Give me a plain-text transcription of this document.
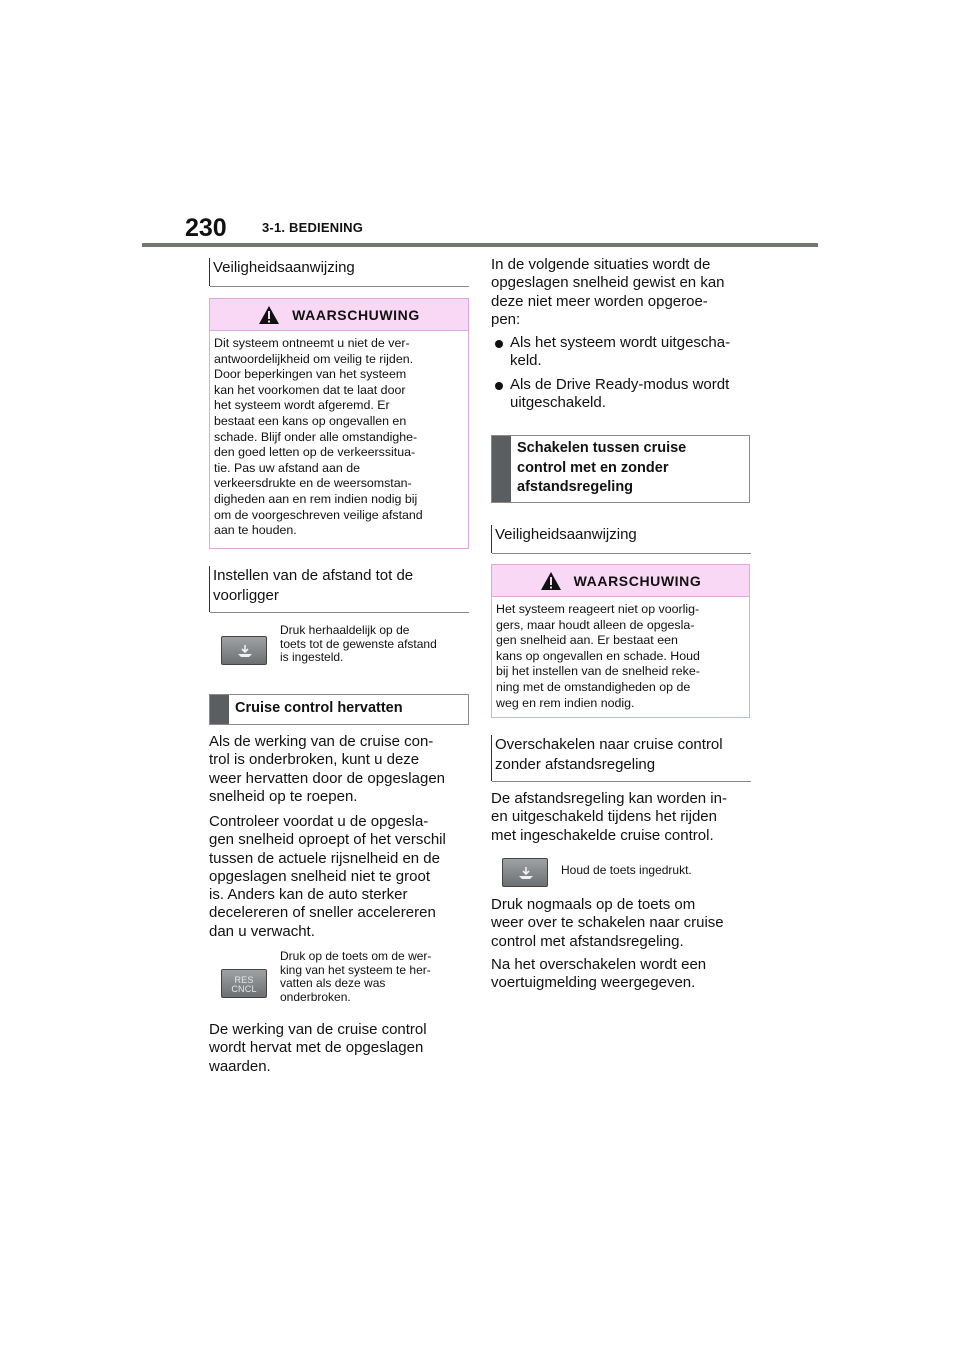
230	3-1. BEDIENING
Veiligheidsaanwijzing
WAARSCHUWING
Dit systeem ontneemt u niet de ver-
antwoordelijkheid om veilig te rijden.
Door beperkingen van het systeem
kan het voorkomen dat te laat door
het systeem wordt afgeremd. Er
bestaat een kans op ongevallen en
schade. Blijf onder alle omstandighe-
den goed letten op de verkeerssitua-
tie. Pas uw afstand aan de
verkeersdrukte en de weersomstan-
digheden aan en rem indien nodig bij
om de voorgeschreven veilige afstand
aan te houden.
Instellen van de afstand tot de
voorligger
Druk herhaaldelijk op de
toets tot de gewenste afstand
is ingesteld.
Cruise control hervatten
Als de werking van de cruise con-
trol is onderbroken, kunt u deze
weer hervatten door de opgeslagen
snelheid op te roepen.
Controleer voordat u de opgesla-
gen snelheid oproept of het verschil
tussen de actuele rijsnelheid en de
opgeslagen snelheid niet te groot
is. Anders kan de auto sterker
decelereren of sneller accelereren
dan u verwacht.
RES
CNCL
Druk op de toets om de wer-
king van het systeem te her-
vatten als deze was
onderbroken.
De werking van de cruise control
wordt hervat met de opgeslagen
waarden.
In de volgende situaties wordt de
opgeslagen snelheid gewist en kan
deze niet meer worden opgeroe-
pen:
Als het systeem wordt uitgescha-
keld.
Als de Drive Ready-modus wordt
uitgeschakeld.
Schakelen tussen cruise
control met en zonder
afstandsregeling
Veiligheidsaanwijzing
WAARSCHUWING
Het systeem reageert niet op voorlig-
gers, maar houdt alleen de opgesla-
gen snelheid aan. Er bestaat een
kans op ongevallen en schade. Houd
bij het instellen van de snelheid reke-
ning met de omstandigheden op de
weg en rem indien nodig.
Overschakelen naar cruise control
zonder afstandsregeling
De afstandsregeling kan worden in-
en uitgeschakeld tijdens het rijden
met ingeschakelde cruise control.
Houd de toets ingedrukt.
Druk nogmaals op de toets om
weer over te schakelen naar cruise
control met afstandsregeling.
Na het overschakelen wordt een
voertuigmelding weergegeven.
